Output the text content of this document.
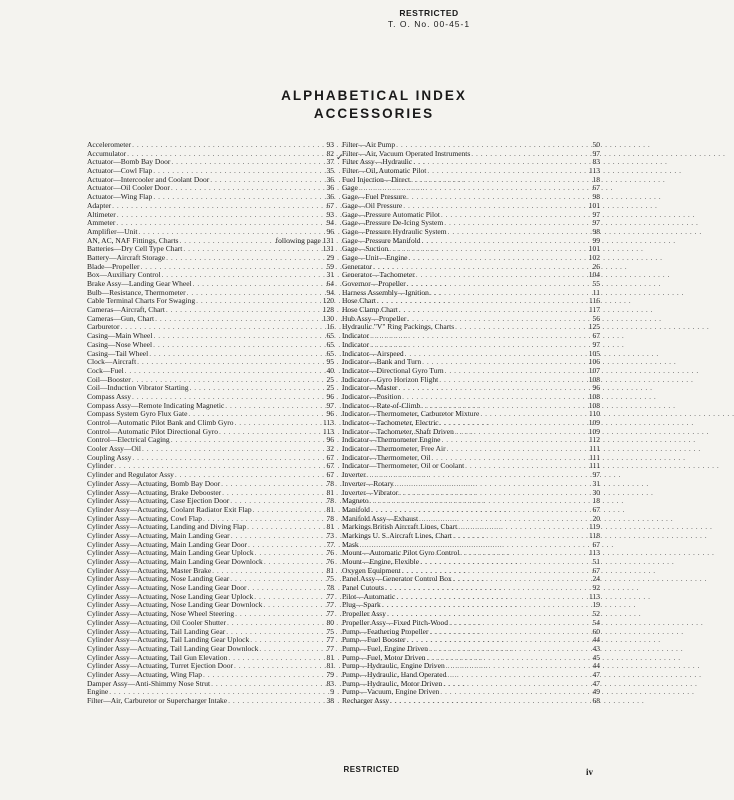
RESTRICTED
T. O. No. 00-45-1
ALPHABETICAL INDEX
ACCESSORIES
Accelerometer . . .	93
Accumulator . . .	82
Actuator—Bomb Bay Door . . .	37
Actuator—Cowl Flap . . .	35
Actuator—Intercooler and Coolant Door . . .	36
Actuator—Oil Cooler Door . . .	36
Actuator—Wing Flap . . .	36
Adapter . . .	67
Altimeter . . .	93
Ammeter . . .	94
Amplifier—Unit . . .	96
AN, AC, NAF Fittings, Charts . . .	following page 131
Batteries—Dry Cell Type Chart . . .	131
Battery—Aircraft Storage . . .	29
Blade—Propeller . . .	59
Box—Auxiliary Control . . .	31
Brake Assy—Landing Gear Wheel . . .	64
Bulb—Resistance, Thermometer . . .	94
Cable Terminal Charts For Swaging . . .	120
Cameras—Aircraft, Chart . . .	128
Cameras—Gun, Chart . . .	130
Carburetor . . .	16
Casing—Main Wheel . . .	65
Casing—Nose Wheel . . .	65
Casing—Tail Wheel . . .	65
Clock—Aircraft . . .	95
Cock—Fuel . . .	40
Coil—Booster . . .	25
Coil—Induction Vibrator Starting . . .	25
Compass Assy . . .	96
Compass Assy—Remote Indicating Magnetic . . .	97
Compass System Gyro Flux Gate . . .	96
Control—Automatic Pilot Bank and Climb Gyro . . .	113
Control—Automatic Pilot Directional Gyro . . .	113
Control—Electrical Caging . . .	96
Cooler Assy—Oil . . .	32
Coupling Assy . . .	67
Cylinder . . .	67
Cylinder and Regulator Assy . . .	67
Cylinder Assy—Actuating, Bomb Bay Door . . .	78
Cylinder Assy—Actuating, Brake Debooster . . .	81
Cylinder Assy—Actuating, Case Ejection Door . . .	78
Cylinder Assy—Actuating, Coolant Radiator Exit Flap . . .	81
Cylinder Assy—Actuating, Cowl Flap . . .	78
Cylinder Assy—Actuating, Landing and Diving Flap . . .	81
Cylinder Assy—Actuating, Main Landing Gear . . .	73
Cylinder Assy—Actuating, Main Landing Gear Door . . .	77
Cylinder Assy—Actuating, Main Landing Gear Uplock . . .	76
Cylinder Assy—Actuating, Main Landing Gear Downlock . . .	76
Cylinder Assy—Actuating, Master Brake . . .	81
Cylinder Assy—Actuating, Nose Landing Gear . . .	75
Cylinder Assy—Actuating, Nose Landing Gear Door . . .	78
Cylinder Assy—Actuating, Nose Landing Gear Uplock . . .	77
Cylinder Assy—Actuating, Nose Landing Gear Downlock . . .	77
Cylinder Assy—Actuating, Nose Wheel Steering . . .	77
Cylinder Assy—Actuating, Oil Cooler Shutter . . .	80
Cylinder Assy—Actuating, Tail Landing Gear . . .	75
Cylinder Assy—Actuating, Tail Landing Gear Uplock . . .	77
Cylinder Assy—Actuating, Tail Landing Gear Downlock . . .	77
Cylinder Assy—Actuating, Tail Gun Elevation . . .	81
Cylinder Assy—Actuating, Turret Ejection Door . . .	81
Cylinder Assy—Actuating, Wing Flap . . .	79
Damper Assy—Anti-Shimmy Nose Strut . . .	83
Engine . . .	9
Filter—Air, Carburetor or Supercharger Intake . . .	38
✓
Filter—Air Pump . . .	50
Filter—Air, Vacuum Operated Instruments . . .	97
Filter Assy—Hydraulic . . .	83
Filter—Oil, Automatic Pilot . . .	113
Fuel Injection—Direct . . .	18
Gage . . .	67
Gage—Fuel Pressure . . .	98
Gage—Oil Pressure . . .	101
Gage—Pressure Automatic Pilot . . .	97
Gage—Pressure De-Icing System . . .	97
Gage—Pressure Hydraulic System . . .	98
Gage—Pressure Manifold . . .	99
Gage—Suction . . .	101
Gage—Unit—Engine . . .	102
Generator . . .	26
Generator—Tachometer . . .	104
Governor—Propeller . . .	55
Harness Assembly—Ignition . . .	11
Hose Chart . . .	116
Hose Clamp Chart . . .	117
Hub Assy—Propeller . . .	56
Hydraulic "V" Ring Packings, Charts . . .	125
Indicator . . .	67
Indicator . . .	97
Indicator—Airspeed . . .	105
Indicator—Bank and Turn . . .	106
Indicator—Directional Gyro Turn . . .	107
Indicator—Gyro Horizon Flight . . .	108
Indicator—Master . . .	96
Indicator—Position . . .	108
Indicator—Rate-of-Climb . . .	108
Indicator—Thermometer, Carburetor Mixture . . .	110
Indicator—Tachometer, Electric . . .	109
Indicator—Tachometer, Shaft Driven . . .	109
Indicator—Thermometer Engine . . .	112
Indicator—Thermometer, Free Air . . .	111
Indicator—Thermometer, Oil . . .	111
Indicator—Thermometer, Oil or Coolant . . .	111
Inverter . . .	97
Inverter—Rotary . . .	31
Inverter—Vibrator . . .	30
Magneto . . .	18
Manifold . . .	67
Manifold Assy—Exhaust . . .	20
Markings British Aircraft Lines, Chart . . .	119
Markings U. S. Aircraft Lines, Chart . . .	118
Mask . . .	67
Mount—Automatic Pilot Gyro Control . . .	113
Mount—Engine, Flexible . . .	51
Oxygen Equipment . . .	67
Panel Assy—Generator Control Box . . .	24
Panel Cutouts . . .	92
Pilot—Automatic . . .	113
Plug—Spark . . .	19
Propeller Assy . . .	52
Propeller Assy—Fixed Pitch-Wood . . .	54
Pump—Feathering Propeller . . .	60
Pump—Fuel Booster . . .	44
Pump—Fuel, Engine Driven . . .	43
Pump—Fuel, Motor Driven . . .	45
Pump—Hydraulic, Engine Driven . . .	44
Pump—Hydraulic, Hand Operated . . .	47
Pump—Hydraulic, Motor Driven . . .	47
Pump—Vacuum, Engine Driven . . .	49
Recharger Assy . . .	68
RESTRICTED	iv
